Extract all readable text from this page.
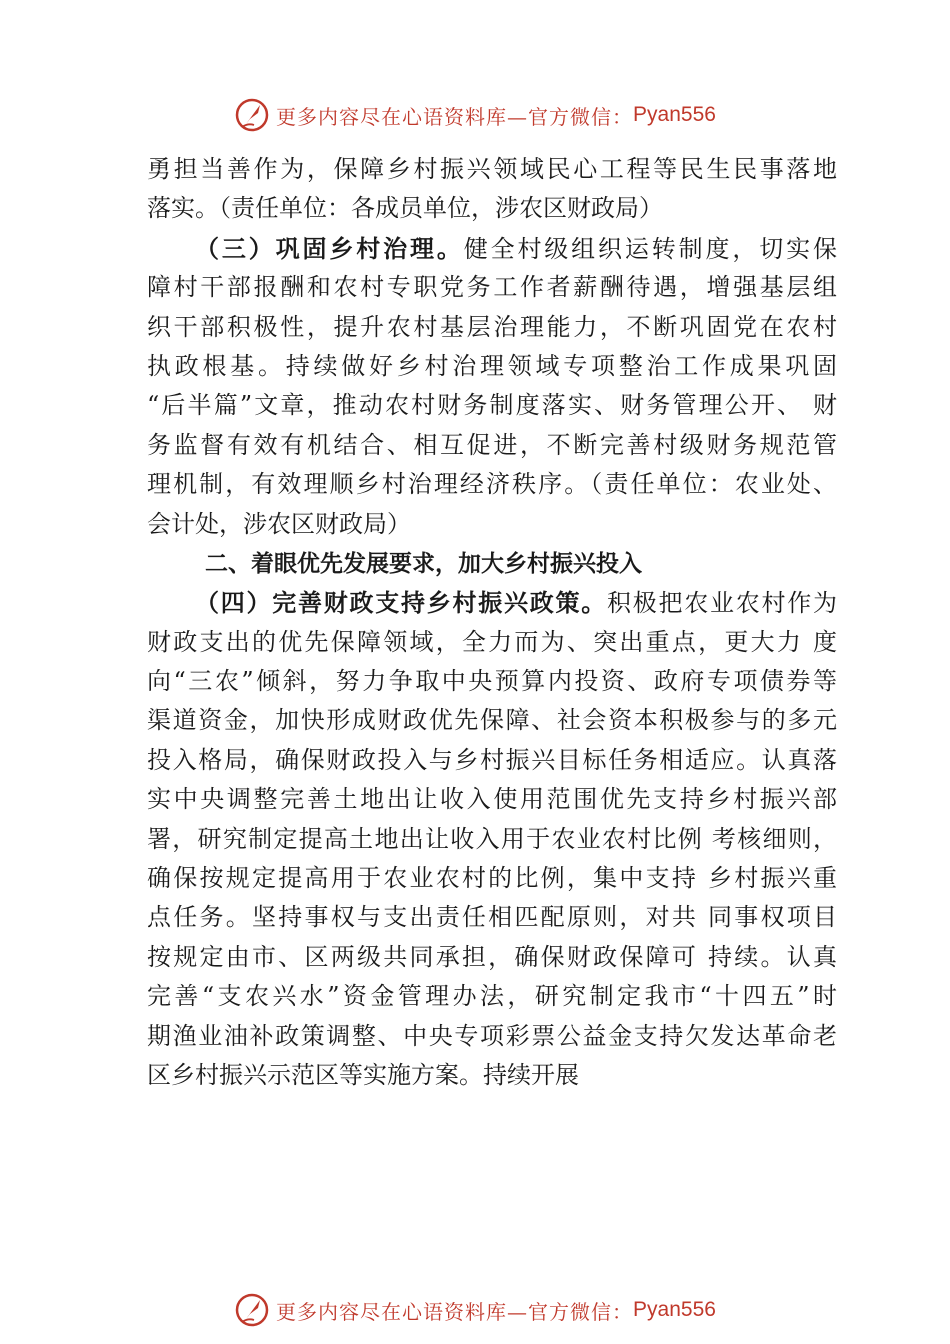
更多内容尽在心语资料库—官方微信： Pyan556
勇担当善作为，保障乡村振兴领域民心工程等民生民事落地
落实。（责任单位：各成员单位，涉农区财政局）
（三）巩固乡村治理。健全村级组织运转制度，切实保
障村干部报酬和农村专职党务工作者薪酬待遇，增强基层组
织干部积极性，提升农村基层治理能力，不断巩固党在农村
执政根基。持续做好乡村治理领域专项整治工作成果巩固
“后半篇”文章，推动农村财务制度落实、财务管理公开、 财
务监督有效有机结合、相互促进，不断完善村级财务规范管
理机制，有效理顺乡村治理经济秩序。（责任单位：农业处、
会计处，涉农区财政局）
二、着眼优先发展要求，加大乡村振兴投入
（四）完善财政支持乡村振兴政策。积极把农业农村作为
财政支出的优先保障领域，全力而为、突出重点，更大力 度
向“三农”倾斜，努力争取中央预算内投资、政府专项债券等
渠道资金，加快形成财政优先保障、社会资本积极参与的多元
投入格局，确保财政投入与乡村振兴目标任务相适应。认真落
实中央调整完善土地出让收入使用范围优先支持乡村振兴部
署，研究制定提高土地出让收入用于农业农村比例 考核细则，
确保按规定提高用于农业农村的比例，集中支持 乡村振兴重
点任务。坚持事权与支出责任相匹配原则，对共 同事权项目
按规定由市、区两级共同承担，确保财政保障可 持续。认真
完善“支农兴水”资金管理办法，研究制定我市“十四五”时
期渔业油补政策调整、中央专项彩票公益金支持欠发达革命老
区乡村振兴示范区等实施方案。持续开展
更多内容尽在心语资料库—官方微信： Pyan556
